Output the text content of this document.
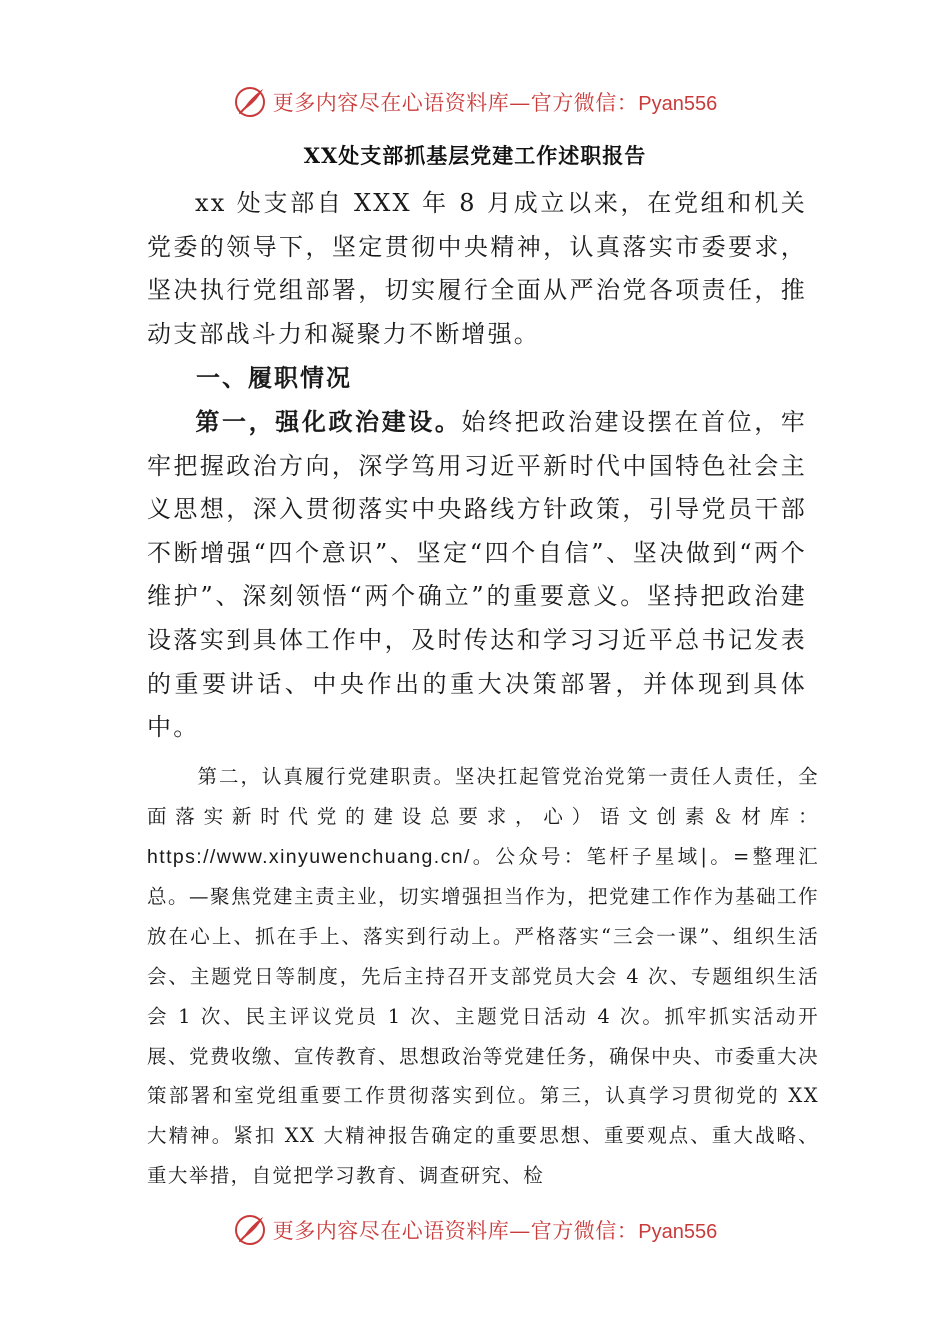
更多内容尽在心语资料库—官方微信：Pyan556
XX处支部抓基层党建工作述职报告

xx 处支部自 XXX 年 8 月成立以来，在党组和机关党委的领导下，坚定贯彻中央精神，认真落实市委要求，坚决执行党组部署，切实履行全面从严治党各项责任，推动支部战斗力和凝聚力不断增强。

一、履职情况

第一，强化政治建设。始终把政治建设摆在首位，牢牢把握政治方向，深学笃用习近平新时代中国特色社会主义思想，深入贯彻落实中央路线方针政策，引导党员干部不断增强“四个意识”、坚定“四个自信”、坚决做到“两个维护”、深刻领悟“两个确立”的重要意义。坚持把政治建设落实到具体工作中，及时传达和学习习近平总书记发表的重要讲话、中央作出的重大决策部署，并体现到具体 中。

第二，认真履行党建职责。坚决扛起管党治党第一责任人责任，全面落实新时代党的建设总要求，心）语文创素＆材库：https://www.xinyuwenchuang.cn/。公众号：笔杆子星域|。=整理汇总。—聚焦党建主责主业，切实增强担当作为，把党建工作作为基础工作放在心上、抓在手上、落实到行动上。严格落实“三会一课”、组织生活会、主题党日等制度，先后主持召开支部党员大会 4 次、专题组织生活会 1 次、民主评议党员 1 次、主题党日活动 4 次。抓牢抓实活动开展、党费收缴、宣传教育、思想政治等党建任务，确保中央、市委重大决策部署和室党组重要工作贯彻落实到位。第三，认真学习贯彻党的 XX 大精神。紧扣 XX 大精神报告确定的重要思想、重要观点、重大战略、重大举措，自觉把学习教育、调查研究、检
更多内容尽在心语资料库—官方微信：Pyan556
